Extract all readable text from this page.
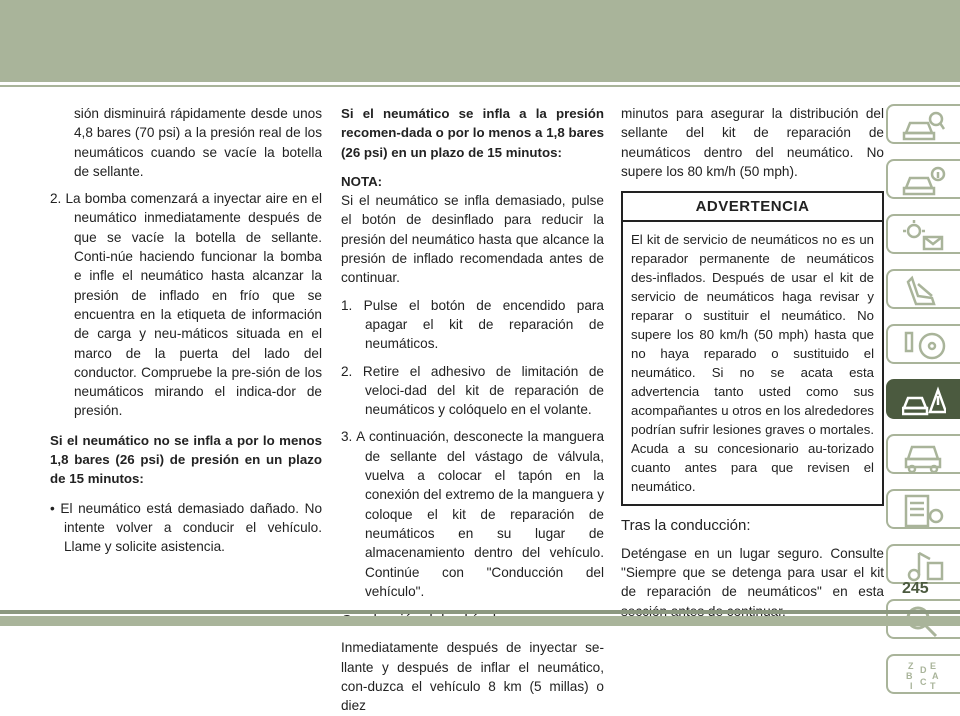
sión disminuirá rápidamente desde unos 4,8 bares (70 psi) a la presión real de los neumáticos cuando se vacíe la botella de sellante.

2. La bomba comenzará a inyectar aire en el neumático inmediatamente después de que se vacíe la botella de sellante. Conti-núe haciendo funcionar la bomba e infle el neumático hasta alcanzar la presión de inflado en frío que se encuentra en la etiqueta de información de carga y neu-máticos situada en el marco de la puerta del lado del conductor. Compruebe la pre-sión de los neumáticos mirando el indica-dor de presión.

Si el neumático no se infla a por lo menos 1,8 bares (26 psi) de presión en un plazo de 15 minutos:

• El neumático está demasiado dañado. No intente volver a conducir el vehículo. Llame y solicite asistencia.

Si el neumático se infla a la presión recomen-dada o por lo menos a 1,8 bares (26 psi) en un plazo de 15 minutos:

NOTA:

Si el neumático se infla demasiado, pulse el botón de desinflado para reducir la presión del neumático hasta que alcance la presión de inflado recomendada antes de continuar.

1. Pulse el botón de encendido para apagar el kit de reparación de neumáticos.

2. Retire el adhesivo de limitación de veloci-dad del kit de reparación de neumáticos y colóquelo en el volante.

3. A continuación, desconecte la manguera de sellante del vástago de válvula, vuelva a colocar el tapón en la conexión del extremo de la manguera y coloque el kit de reparación de neumáticos en su lugar de almacenamiento dentro del vehículo. Continúe con "Conducción del vehículo".

Inmediatamente después de inyectar se-llante y después de inflar el neumático, con-duzca el vehículo 8 km (5 millas) o diez

minutos para asegurar la distribución del sellante del kit de reparación de neumáticos dentro del neumático. No supere los 80 km/h (50 mph).

ADVERTENCIA
El kit de servicio de neumáticos no es un reparador permanente de neumáticos des-inflados. Después de usar el kit de servicio de neumáticos haga revisar y reparar o sustituir el neumático. No supere los 80 km/h (50 mph) hasta que no haya reparado o sustituido el neumático. Si no se acata esta advertencia tanto usted como sus acompañantes u otros en los alrededores podrían sufrir lesiones graves o mortales. Acuda a su concesionario au-torizado cuanto antes para que revisen el neumático.

Tras la conducción:

Deténgase en un lugar seguro. Consulte "Siempre que se detenga para usar el kit de reparación de neumáticos" en esta

Z E
B A
I C
D
T
245
